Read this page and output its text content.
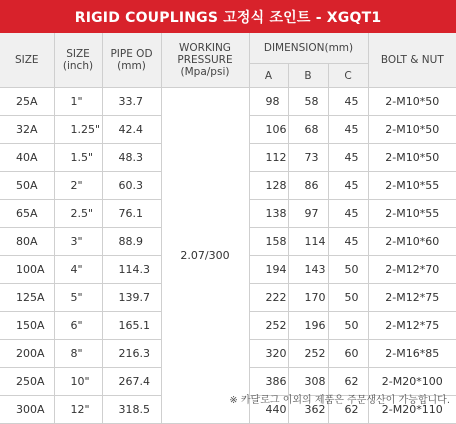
RIGID COUPLINGS 고정식 조인트 - XGQT1
SIZE	SIZE (inch)	PIPE OD (mm)	WORKING PRESSURE (Mpa/psi)	DIMENSION(mm)			BOLT & NUT
				A	B	C	
25A	1"	33.7	2.07/300	98	58	45	2-M10*50
32A	1.25"	42.4		106	68	45	2-M10*50
40A	1.5"	48.3		112	73	45	2-M10*50
50A	2"	60.3		128	86	45	2-M10*55
65A	2.5"	76.1		138	97	45	2-M10*55
80A	3"	88.9		158	114	45	2-M10*60
100A	4"	114.3		194	143	50	2-M12*70
125A	5"	139.7		222	170	50	2-M12*75
150A	6"	165.1		252	196	50	2-M12*75
200A	8"	216.3		320	252	60	2-M16*85
250A	10"	267.4		386	308	62	2-M20*100
300A	12"	318.5		440	362	62	2-M20*110
※ 카달로그 이외의 제품은 주문생산이 가능합니다.
